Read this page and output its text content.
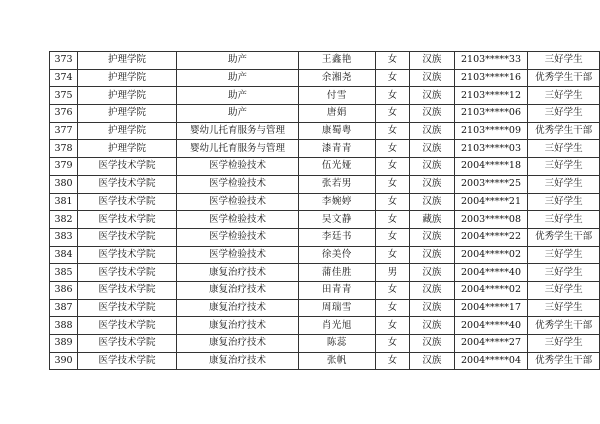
373	护理学院	助产	王鑫艳	女	汉族	2103*****33	三好学生
374	护理学院	助产	余湘尧	女	汉族	2103*****16	优秀学生干部
375	护理学院	助产	付雪	女	汉族	2103*****12	三好学生
376	护理学院	助产	唐娟	女	汉族	2103*****06	三好学生
377	护理学院	婴幼儿托育服务与管理	康蜀粤	女	汉族	2103*****09	优秀学生干部
378	护理学院	婴幼儿托育服务与管理	漆青青	女	汉族	2103*****03	三好学生
379	医学技术学院	医学检验技术	伍光娅	女	汉族	2004*****18	三好学生
380	医学技术学院	医学检验技术	张若男	女	汉族	2003*****25	三好学生
381	医学技术学院	医学检验技术	李婉婷	女	汉族	2004*****21	三好学生
382	医学技术学院	医学检验技术	吴文静	女	藏族	2003*****08	三好学生
383	医学技术学院	医学检验技术	李廷书	女	汉族	2004*****22	优秀学生干部
384	医学技术学院	医学检验技术	徐美伶	女	汉族	2004*****02	三好学生
385	医学技术学院	康复治疗技术	蒲佳胜	男	汉族	2004*****40	三好学生
386	医学技术学院	康复治疗技术	田青青	女	汉族	2004*****02	三好学生
387	医学技术学院	康复治疗技术	周瑞雪	女	汉族	2004*****17	三好学生
388	医学技术学院	康复治疗技术	肖光旭	女	汉族	2004*****40	优秀学生干部
389	医学技术学院	康复治疗技术	陈蕊	女	汉族	2004*****27	三好学生
390	医学技术学院	康复治疗技术	张帆	女	汉族	2004*****04	优秀学生干部
